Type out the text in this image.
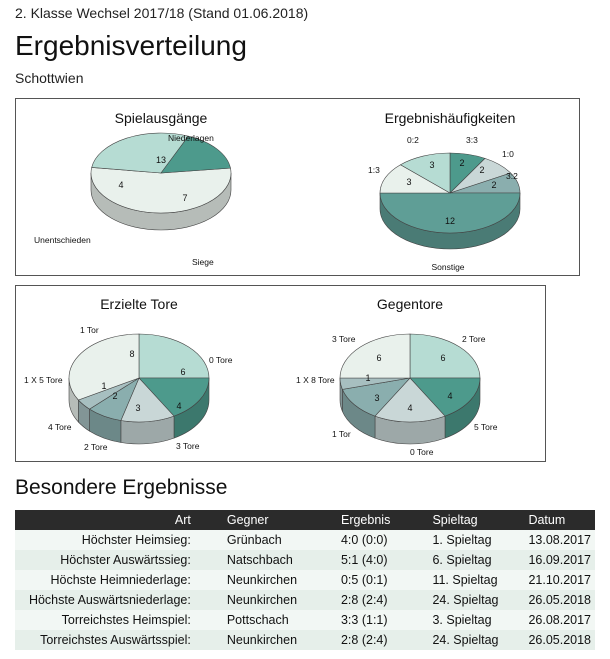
2. Klasse Wechsel 2017/18 (Stand 01.06.2018)
Ergebnisverteilung
Schottwien
Spielausgänge
13
7
4
Niederlagen
Siege
Unentschieden
Ergebnishäufigkeiten
2
2
2
12
3
3
3:3
1:0
3:2
Sonstige
1:3
0:2
Erzielte Tore
6
4
3
2
1
8
0 Tore
3 Tore
2 Tore
4 Tore
1 X 5 Tore
1 Tor
Gegentore
6
4
4
3
1
6
2 Tore
5 Tore
0 Tore
1 Tor
1 X 8 Tore
3 Tore
Besondere Ergebnisse
Art	Gegner	Ergebnis	Spieltag	Datum
Höchster Heimsieg:	Grünbach	4:0 (0:0)	1. Spieltag	13.08.2017
Höchster Auswärtssieg:	Natschbach	5:1 (4:0)	6. Spieltag	16.09.2017
Höchste Heimniederlage:	Neunkirchen	0:5 (0:1)	11. Spieltag	21.10.2017
Höchste Auswärtsniederlage:	Neunkirchen	2:8 (2:4)	24. Spieltag	26.05.2018
Torreichstes Heimspiel:	Pottschach	3:3 (1:1)	3. Spieltag	26.08.2017
Torreichstes Auswärtsspiel:	Neunkirchen	2:8 (2:4)	24. Spieltag	26.05.2018
